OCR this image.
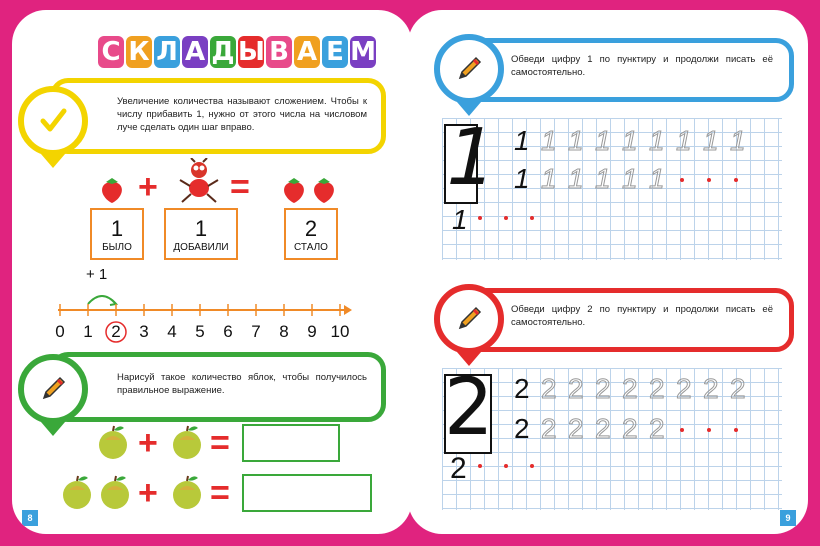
С К Л А Д Ы В А Е М
Увеличение количества называют сложением. Чтобы к числу прибавить 1, нужно от этого числа на числовом луче сделать один шаг вправо.
+ =
1
БЫЛО
1
ДОБАВИЛИ
2
СТАЛО
+ 1
0	1	2	3	4	5	6	7	8	9 10
Нарисуй такое количество яблок, чтобы получилось правильное выражение.
+ =
+ =
8
Обведи цифру 1 по пунктиру и продолжи писать её самостоятельно.
1 1 1 1 1 1 1 1 1 1
1 1 1 1 1 1
1
Обведи цифру 2 по пунктиру и продолжи писать её самостоятельно.
2 2 2 2 2 2 2 2 2 2
2 2 2 2 2 2
2
9
